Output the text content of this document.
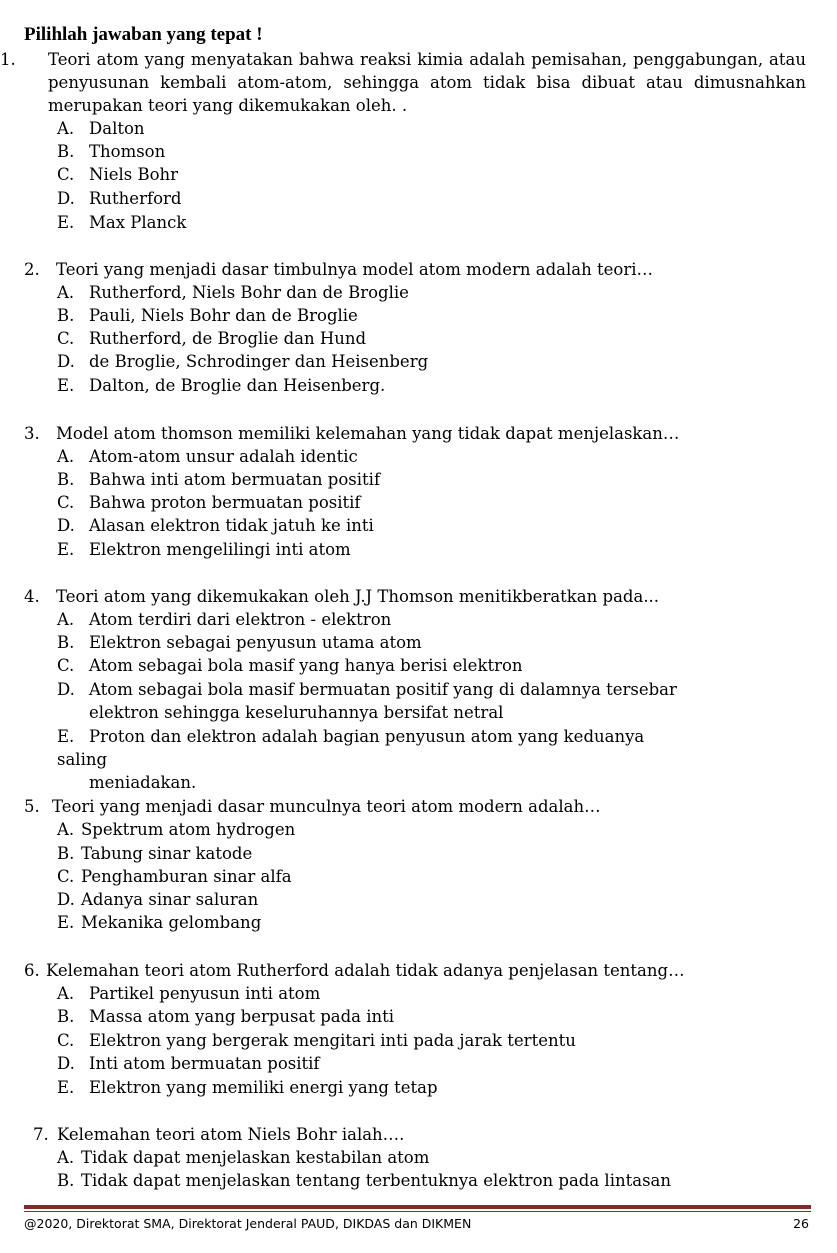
Pilihlah jawaban yang tepat !
1. Teori atom yang menyatakan bahwa reaksi kimia adalah pemisahan, penggabungan, atau penyusunan kembali atom-atom, sehingga atom tidak bisa dibuat atau dimusnahkan merupakan teori yang dikemukakan oleh. .
A. Dalton
B. Thomson
C. Niels Bohr
D. Rutherford
E. Max Planck
2. Teori yang menjadi dasar timbulnya model atom modern adalah teori…
A. Rutherford, Niels Bohr dan de Broglie
B. Pauli, Niels Bohr dan de Broglie
C. Rutherford, de Broglie dan Hund
D. de Broglie, Schrodinger dan Heisenberg
E. Dalton, de Broglie dan Heisenberg.
3. Model atom thomson memiliki kelemahan yang tidak dapat menjelaskan…
A. Atom-atom unsur adalah identic
B. Bahwa inti atom bermuatan positif
C. Bahwa proton bermuatan positif
D. Alasan elektron tidak jatuh ke inti
E. Elektron mengelilingi inti atom
4. Teori atom yang dikemukakan oleh J.J Thomson menitikberatkan pada...
A. Atom terdiri dari elektron - elektron
B. Elektron sebagai penyusun utama atom
C. Atom sebagai bola masif yang hanya berisi elektron
D. Atom sebagai bola masif bermuatan positif yang di dalamnya tersebar
elektron sehingga keseluruhannya bersifat netral
E. Proton dan elektron adalah bagian penyusun atom yang keduanya saling
meniadakan.
5. Teori yang menjadi dasar munculnya teori atom modern adalah…
A. Spektrum atom hydrogen
B. Tabung sinar katode
C. Penghamburan sinar alfa
D. Adanya sinar saluran
E. Mekanika gelombang
6. Kelemahan teori atom Rutherford adalah tidak adanya penjelasan tentang…
A. Partikel penyusun inti atom
B. Massa atom yang berpusat pada inti
C. Elektron yang bergerak mengitari inti pada jarak tertentu
D. Inti atom bermuatan positif
E. Elektron yang memiliki energi yang tetap
7. Kelemahan teori atom Niels Bohr ialah….
A. Tidak dapat menjelaskan kestabilan atom
B. Tidak dapat menjelaskan tentang terbentuknya elektron pada lintasan
@2020, Direktorat SMA, Direktorat Jenderal PAUD, DIKDAS dan DIKMEN	26
